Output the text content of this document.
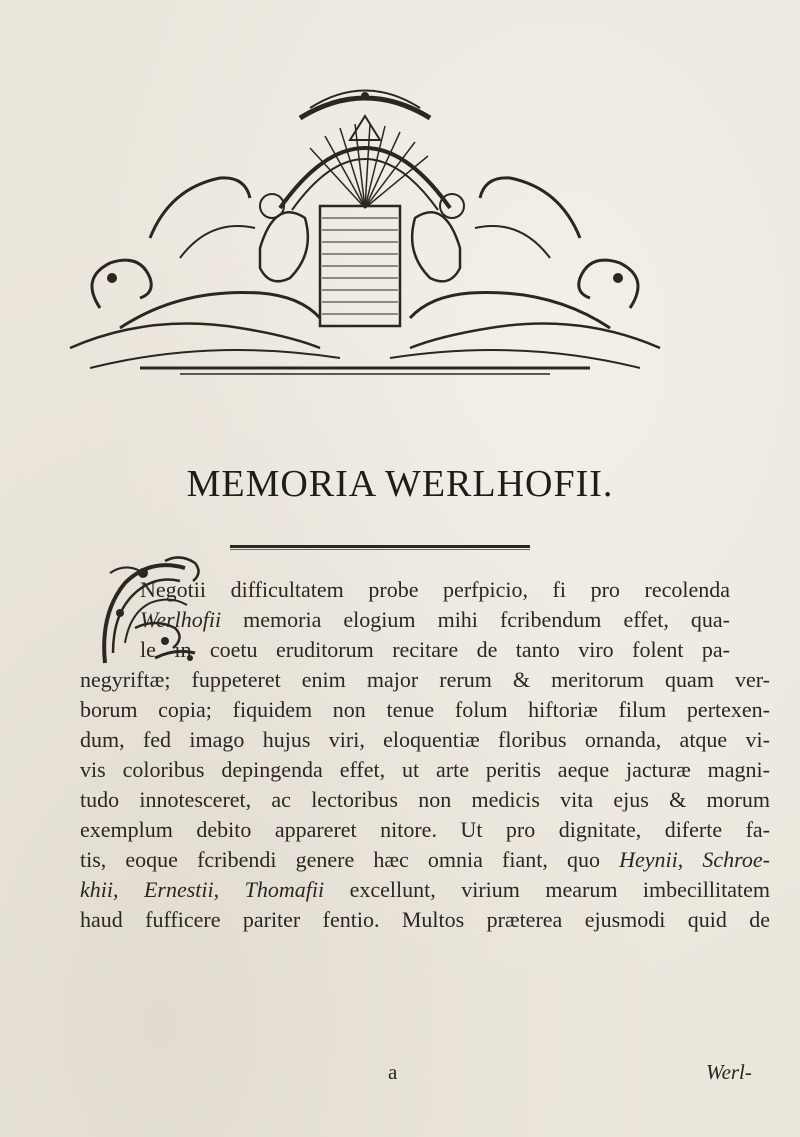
MEMORIA WERLHOFII.
Negotii difficultatem probe perfpicio, fi pro recolenda
Werlhofii memoria elogium mihi fcribendum effet, qua-
le in coetu eruditorum recitare de tanto viro folent pa-
negyriftæ; fuppeteret enim major rerum & meritorum quam ver-
borum copia; fiquidem non tenue folum hiftoriæ filum pertexen-
dum, fed imago hujus viri, eloquentiæ floribus ornanda, atque vi-
vis coloribus depingenda effet, ut arte peritis aeque jacturæ magni-
tudo innotesceret, ac lectoribus non medicis vita ejus & morum
exemplum debito appareret nitore. Ut pro dignitate, diferte fa-
tis, eoque fcribendi genere hæc omnia fiant, quo Heynii, Schroe-
khii, Ernestii, Thomafii excellunt, virium mearum imbecillitatem
haud fufficere pariter fentio. Multos præterea ejusmodi quid de
a	Werl-
